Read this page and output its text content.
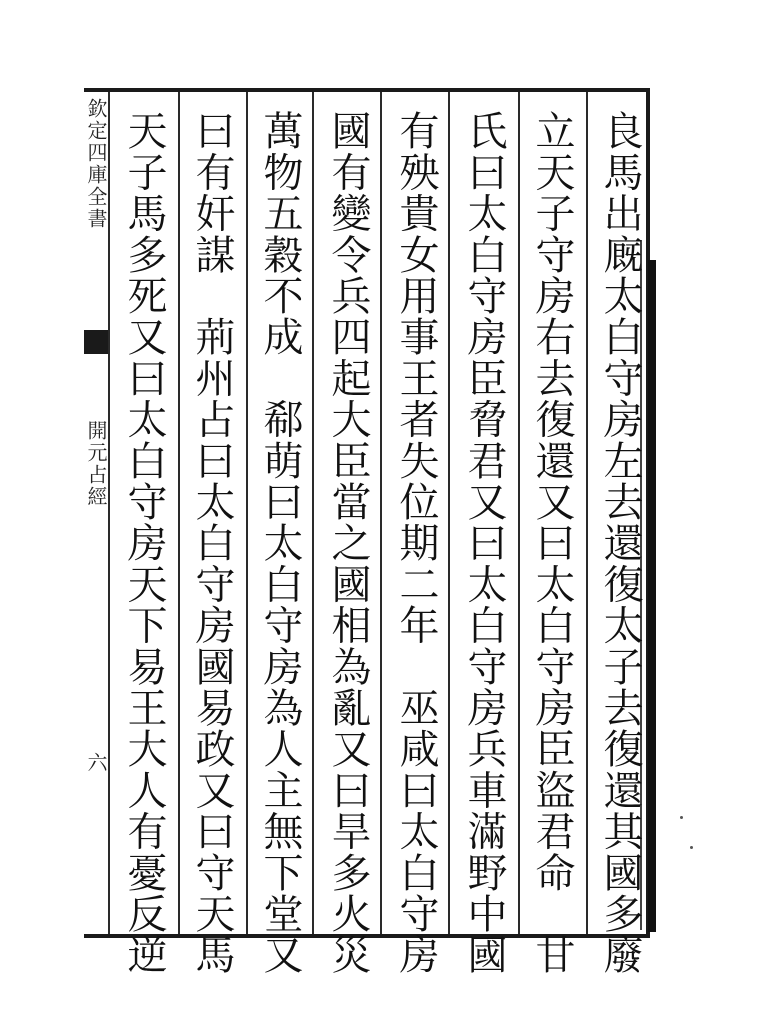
良馬出廐太白守房左去還復太子去復還其國多廢
立天子守房右去復還又曰太白守房臣盜君命　甘
氏曰太白守房臣脅君又曰太白守房兵車滿野中國
有殃貴女用事王者失位期二年　巫咸曰太白守房
國有變令兵四起大臣當之國相為亂又曰旱多火災
萬物五穀不成　郗萌曰太白守房為人主無下堂又
曰有奸謀　荊州占曰太白守房國易政又曰守天馬
天子馬多死又曰太白守房天下易王大人有憂反逆
欽定四庫全書
開元占經
六
